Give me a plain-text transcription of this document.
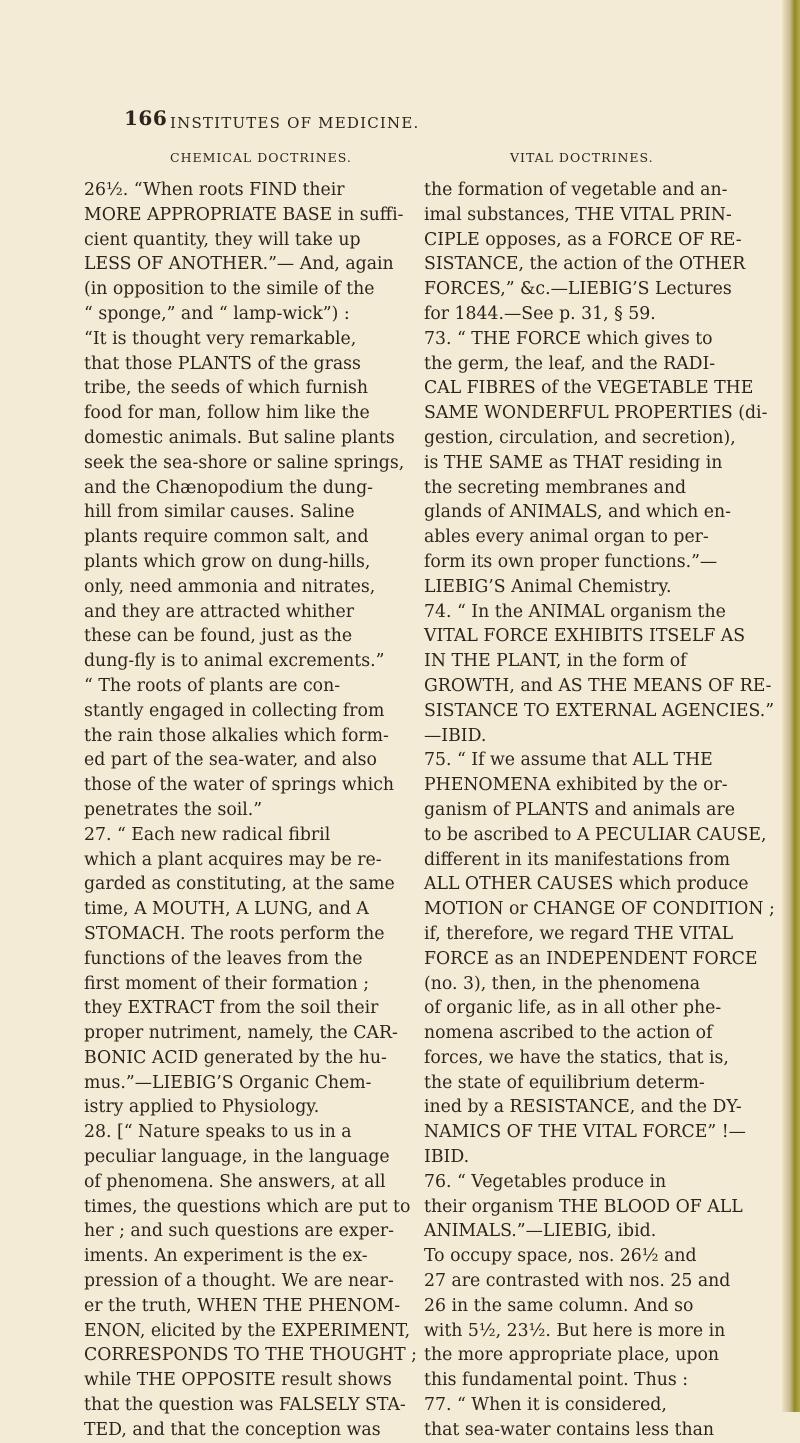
166 INSTITUTES OF MEDICINE.
CHEMICAL DOCTRINES.	VITAL DOCTRINES.
26½. “When roots FIND their
MORE APPROPRIATE BASE in suffi-
cient quantity, they will take up
LESS OF ANOTHER.”— And, again
(in opposition to the simile of the
“ sponge,” and “ lamp-wick”) :
“It is thought very remarkable,
that those PLANTS of the grass
tribe, the seeds of which furnish
food for man, follow him like the
domestic animals. But saline plants
seek the sea-shore or saline springs,
and the Chænopodium the dung-
hill from similar causes. Saline
plants require common salt, and
plants which grow on dung-hills,
only, need ammonia and nitrates,
and they are attracted whither
these can be found, just as the
dung-fly is to animal excrements.”
“ The roots of plants are con-
stantly engaged in collecting from
the rain those alkalies which form-
ed part of the sea-water, and also
those of the water of springs which
penetrates the soil.”
27. “ Each new radical fibril
which a plant acquires may be re-
garded as constituting, at the same
time, A MOUTH, A LUNG, and A
STOMACH. The roots perform the
functions of the leaves from the
first moment of their formation ;
they EXTRACT from the soil their
proper nutriment, namely, the CAR-
BONIC ACID generated by the hu-
mus.”—LIEBIG’S Organic Chem-
istry applied to Physiology.
28. [“ Nature speaks to us in a
peculiar language, in the language
of phenomena. She answers, at all
times, the questions which are put to
her ; and such questions are exper-
iments. An experiment is the ex-
pression of a thought. We are near-
er the truth, WHEN THE PHENOM-
ENON, elicited by the EXPERIMENT,
CORRESPONDS TO THE THOUGHT ;
while THE OPPOSITE result shows
that the question was FALSELY STA-
TED, and that the conception was
the formation of vegetable and an-
imal substances, THE VITAL PRIN-
CIPLE opposes, as a FORCE OF RE-
SISTANCE, the action of the OTHER
FORCES,” &c.—LIEBIG’S Lectures
for 1844.—See p. 31, § 59.
73. “ THE FORCE which gives to
the germ, the leaf, and the RADI-
CAL FIBRES of the VEGETABLE THE
SAME WONDERFUL PROPERTIES (di-
gestion, circulation, and secretion),
is THE SAME as THAT residing in
the secreting membranes and
glands of ANIMALS, and which en-
ables every animal organ to per-
form its own proper functions.”—
LIEBIG’S Animal Chemistry.
74. “ In the ANIMAL organism the
VITAL FORCE EXHIBITS ITSELF AS
IN THE PLANT, in the form of
GROWTH, and AS THE MEANS OF RE-
SISTANCE TO EXTERNAL AGENCIES.”
—IBID.
75. “ If we assume that ALL THE
PHENOMENA exhibited by the or-
ganism of PLANTS and animals are
to be ascribed to A PECULIAR CAUSE,
different in its manifestations from
ALL OTHER CAUSES which produce
MOTION or CHANGE OF CONDITION ;
if, therefore, we regard THE VITAL
FORCE as an INDEPENDENT FORCE
(no. 3), then, in the phenomena
of organic life, as in all other phe-
nomena ascribed to the action of
forces, we have the statics, that is,
the state of equilibrium determ-
ined by a RESISTANCE, and the DY-
NAMICS OF THE VITAL FORCE” !—
IBID.
76. “ Vegetables produce in
their organism THE BLOOD OF ALL
ANIMALS.”—LIEBIG, ibid.
To occupy space, nos. 26½ and
27 are contrasted with nos. 25 and
26 in the same column. And so
with 5½, 23½. But here is more in
the more appropriate place, upon
this fundamental point. Thus :
77. “ When it is considered,
that sea-water contains less than
